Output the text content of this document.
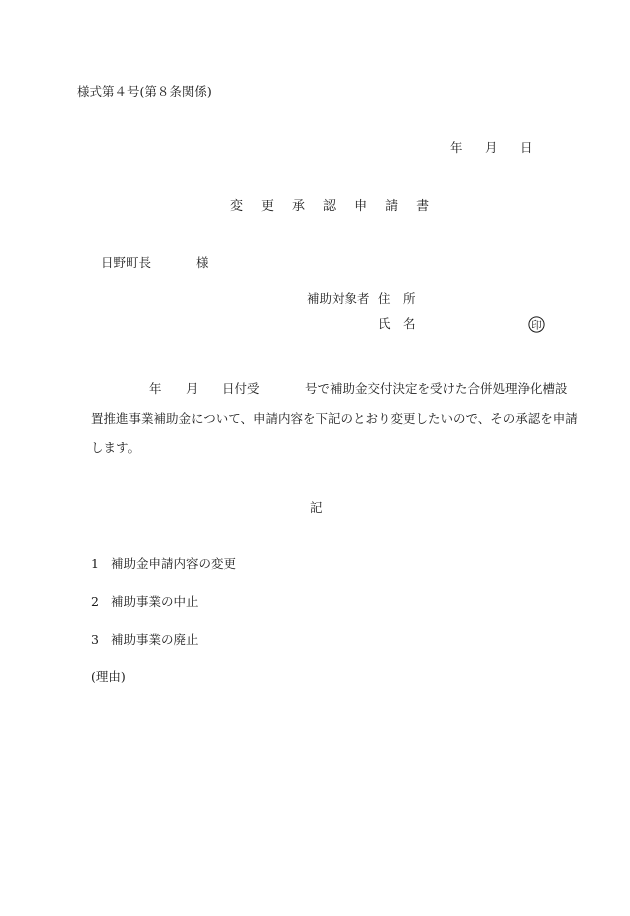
様式第４号(第８条関係)
年 月 日
変 更 承 認 申 請 書
日野町長	様
補助対象者 住　所
氏　名	印
年 月 日付受	号で補助金交付決定を受けた合併処理浄化槽設
置推進事業補助金について、申請内容を下記のとおり変更したいので、その承認を申請
します。
記
1 補助金申請内容の変更
2 補助事業の中止
3 補助事業の廃止
(理由)
